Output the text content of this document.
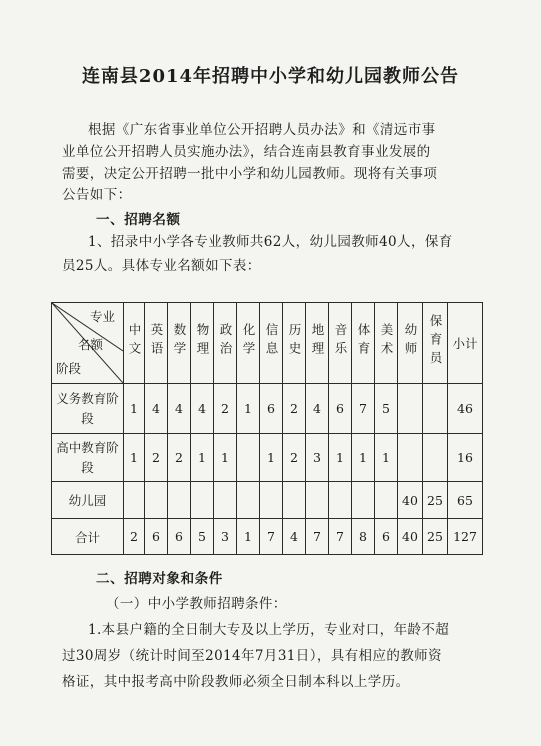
连南县2014年招聘中小学和幼儿园教师公告
根据《广东省事业单位公开招聘人员办法》和《清远市事
业单位公开招聘人员实施办法》，结合连南县教育事业发展的
需要，决定公开招聘一批中小学和幼儿园教师。现将有关事项
公告如下：
一、招聘名额
1、招录中小学各专业教师共62人，幼儿园教师40人，保育
员25人。具体专业名额如下表：
专业
名额
阶段	中文	英语	数学	物理	政治	化学	信息	历史	地理	音乐	体育	美术	幼师	保育员	小计
义务教育阶段	1	4	4	4	2	1	6	2	4	6	7	5			46
高中教育阶段	1	2	2	1	1		1	2	3	1	1	1			16
幼儿园													40	25	65
合计	2	6	6	5	3	1	7	4	7	7	8	6	40	25	127
二、招聘对象和条件
（一）中小学教师招聘条件：
1.本县户籍的全日制大专及以上学历，专业对口，年龄不超
过30周岁（统计时间至2014年7月31日），具有相应的教师资
格证，其中报考高中阶段教师必须全日制本科以上学历。
